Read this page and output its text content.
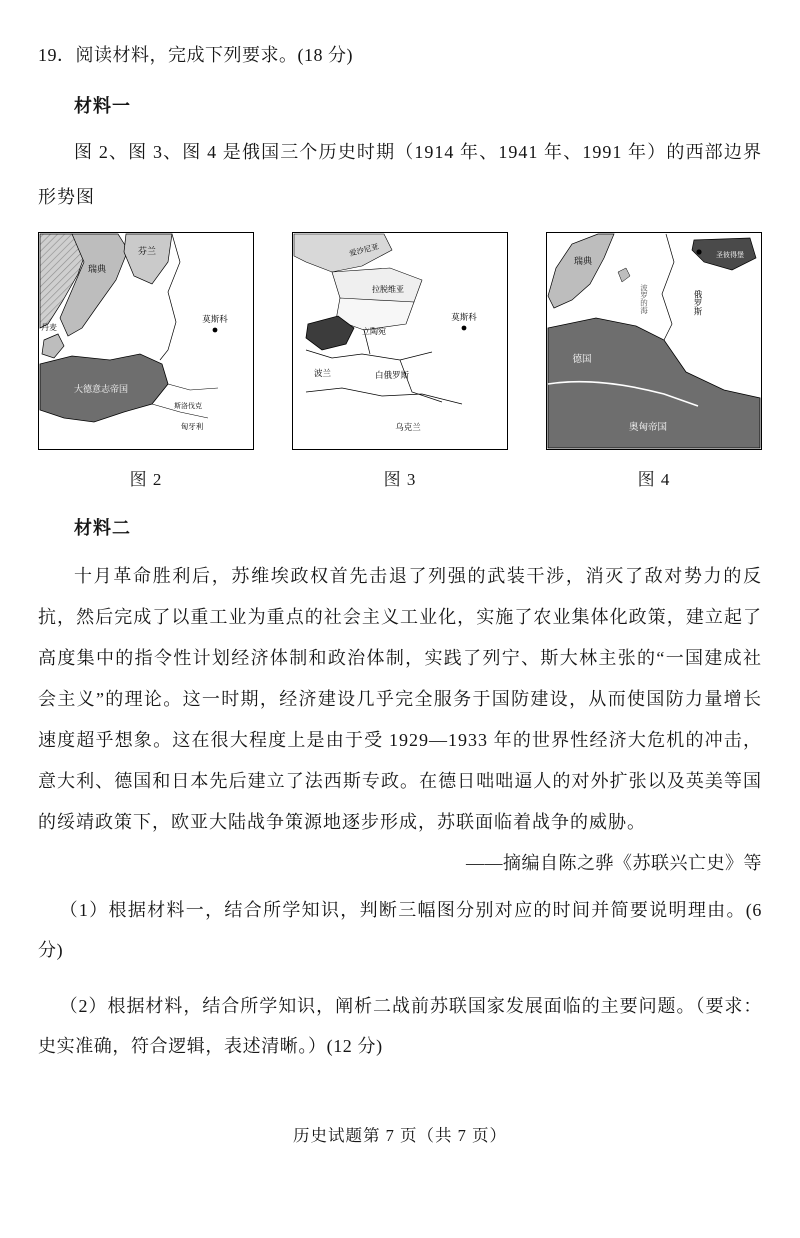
19．阅读材料，完成下列要求。(18 分)

材料一

图 2、图 3、图 4 是俄国三个历史时期（1914 年、1941 年、1991 年）的西部边界形势图

瑞典
芬兰
丹麦
莫斯科
大德意志帝国
斯洛伐克
匈牙利
图 2
爱沙尼亚
拉脱维亚
立陶宛
莫斯科
波兰	白俄罗斯
乌克兰
图 3
瑞典
圣彼得堡
波罗的海	俄罗斯
德国
奥匈帝国
图 4

材料二

十月革命胜利后，苏维埃政权首先击退了列强的武装干涉，消灭了敌对势力的反抗，然后完成了以重工业为重点的社会主义工业化，实施了农业集体化政策，建立起了高度集中的指令性计划经济体制和政治体制，实践了列宁、斯大林主张的“一国建成社会主义”的理论。这一时期，经济建设几乎完全服务于国防建设，从而使国防力量增长速度超乎想象。这在很大程度上是由于受 1929—1933 年的世界性经济大危机的冲击，意大利、德国和日本先后建立了法西斯专政。在德日咄咄逼人的对外扩张以及英美等国的绥靖政策下，欧亚大陆战争策源地逐步形成，苏联面临着战争的威胁。

——摘编自陈之骅《苏联兴亡史》等

（1）根据材料一，结合所学知识，判断三幅图分别对应的时间并简要说明理由。(6 分)

（2）根据材料，结合所学知识，阐析二战前苏联国家发展面临的主要问题。（要求：史实准确，符合逻辑，表述清晰。）(12 分)

历史试题第 7 页（共 7 页）
